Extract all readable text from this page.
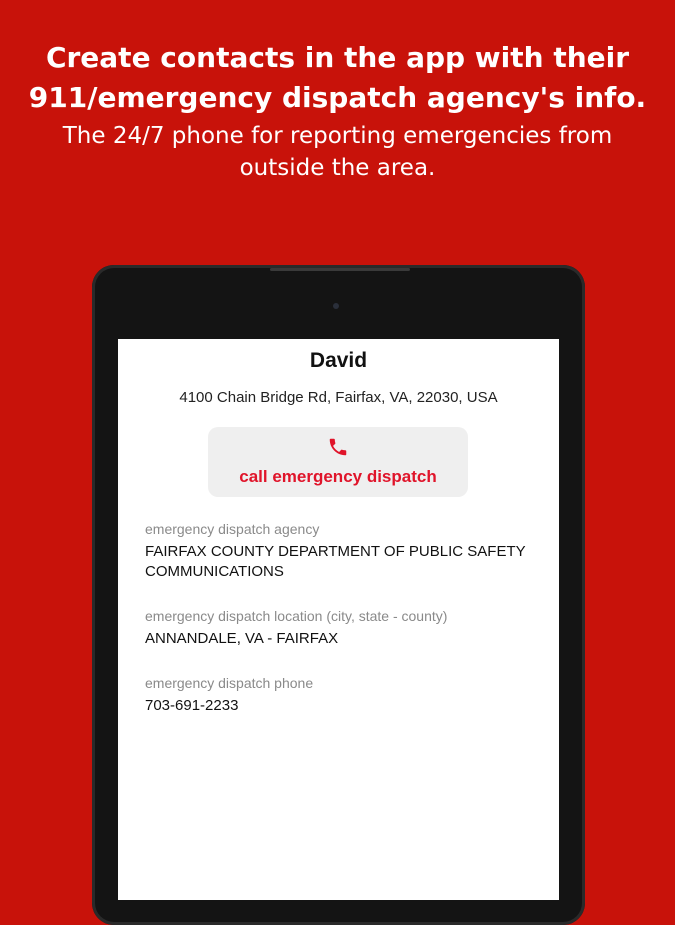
Create contacts in the app with their
911/emergency dispatch agency's info.
The 24/7 phone for reporting emergencies from outside the area.
David
4100 Chain Bridge Rd, Fairfax, VA, 22030, USA
call emergency dispatch
emergency dispatch agency
FAIRFAX COUNTY DEPARTMENT OF PUBLIC SAFETY COMMUNICATIONS
emergency dispatch location (city, state - county)
ANNANDALE, VA - FAIRFAX
emergency dispatch phone
703-691-2233
